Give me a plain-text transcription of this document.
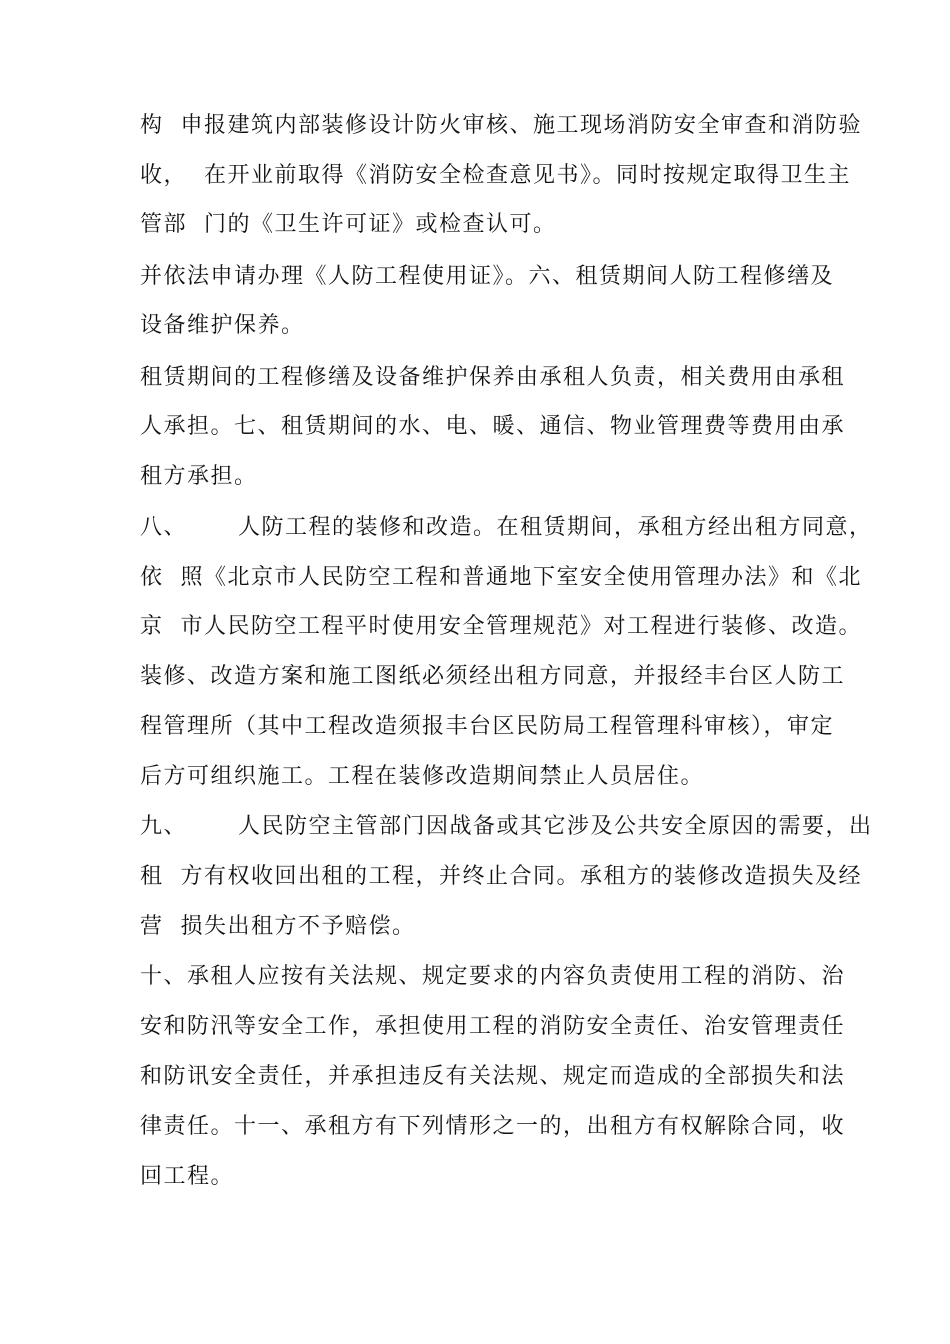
构  申报建筑内部装修设计防火审核、施工现场消防安全审查和消防验
收，  在开业前取得《消防安全检查意见书》。同时按规定取得卫生主
管部  门的《卫生许可证》或检查认可。
并依法申请办理《人防工程使用证》。六、租赁期间人防工程修缮及
设备维护保养。
租赁期间的工程修缮及设备维护保养由承租人负责，相关费用由承租
人承担。七、租赁期间的水、电、暖、通信、物业管理费等费用由承
租方承担。
八、      人防工程的装修和改造。在租赁期间，承租方经出租方同意，
依  照《北京市人民防空工程和普通地下室安全使用管理办法》和《北
京  市人民防空工程平时使用安全管理规范》对工程进行装修、改造。
装修、改造方案和施工图纸必须经出租方同意，并报经丰台区人防工
程管理所（其中工程改造须报丰台区民防局工程管理科审核），审定
后方可组织施工。工程在装修改造期间禁止人员居住。
九、      人民防空主管部门因战备或其它涉及公共安全原因的需要，出
租  方有权收回出租的工程，并终止合同。承租方的装修改造损失及经
营  损失出租方不予赔偿。
十、承租人应按有关法规、规定要求的内容负责使用工程的消防、治
安和防汛等安全工作，承担使用工程的消防安全责任、治安管理责任
和防讯安全责任，并承担违反有关法规、规定而造成的全部损失和法
律责任。十一、承租方有下列情形之一的，出租方有权解除合同，收
回工程。
